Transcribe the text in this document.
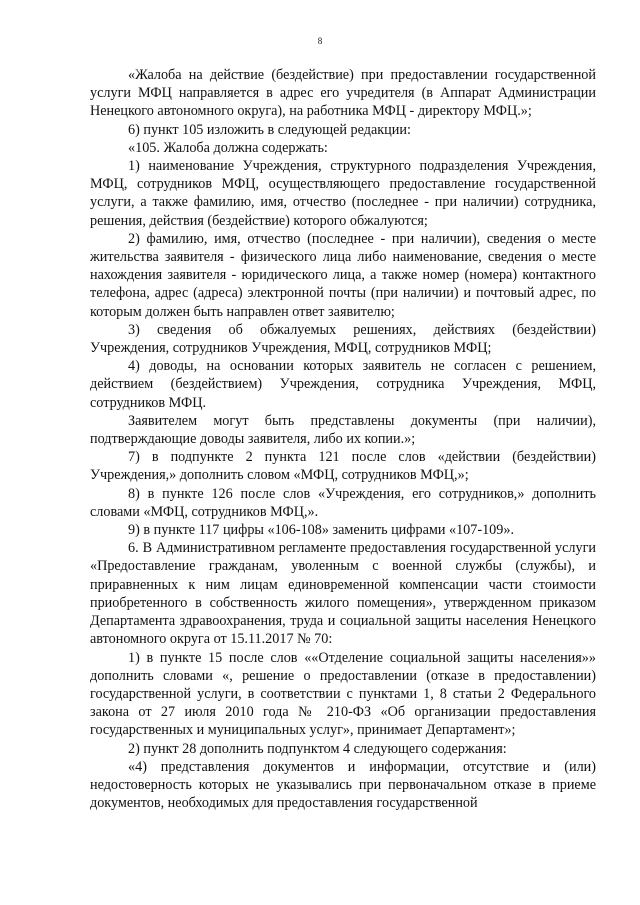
8

«Жалоба на действие (бездействие) при предоставлении государственной услуги МФЦ направляется в адрес его учредителя (в Аппарат Администрации Ненецкого автономного округа), на работника МФЦ - директору МФЦ.»;

6) пункт 105 изложить в следующей редакции:

«105. Жалоба должна содержать:

1) наименование Учреждения, структурного подразделения Учреждения, МФЦ, сотрудников МФЦ, осуществляющего предоставление государственной услуги, а также фамилию, имя, отчество (последнее - при наличии) сотрудника, решения, действия (бездействие) которого обжалуются;

2) фамилию, имя, отчество (последнее - при наличии), сведения о месте жительства заявителя - физического лица либо наименование, сведения о месте нахождения заявителя - юридического лица, а также номер (номера) контактного телефона, адрес (адреса) электронной почты (при наличии) и почтовый адрес, по которым должен быть направлен ответ заявителю;

3) сведения об обжалуемых решениях, действиях (бездействии) Учреждения, сотрудников Учреждения, МФЦ, сотрудников МФЦ;

4) доводы, на основании которых заявитель не согласен с решением, действием (бездействием) Учреждения, сотрудника Учреждения, МФЦ, сотрудников МФЦ.

Заявителем могут быть представлены документы (при наличии), подтверждающие доводы заявителя, либо их копии.»;

7) в подпункте 2 пункта 121 после слов «действии (бездействии) Учреждения,» дополнить словом «МФЦ, сотрудников МФЦ,»;

8) в пункте 126 после слов «Учреждения, его сотрудников,» дополнить словами «МФЦ, сотрудников МФЦ,».

9) в пункте 117 цифры «106-108» заменить цифрами «107-109».

6. В Административном регламенте предоставления государственной услуги «Предоставление гражданам, уволенным с военной службы (службы), и приравненных к ним лицам единовременной компенсации части стоимости приобретенного в собственность жилого помещения», утвержденном приказом Департамента здравоохранения, труда и социальной защиты населения Ненецкого автономного округа от 15.11.2017 № 70:

1) в пункте 15 после слов ««Отделение социальной защиты населения»» дополнить словами «, решение о предоставлении (отказе в предоставлении) государственной услуги, в соответствии с пунктами 1, 8 статьи 2 Федерального закона от 27 июля 2010 года № 210-ФЗ «Об организации предоставления государственных и муниципальных услуг», принимает Департамент»;

2) пункт 28 дополнить подпунктом 4 следующего содержания:

«4) представления документов и информации, отсутствие и (или) недостоверность которых не указывались при первоначальном отказе в приеме документов, необходимых для предоставления государственной
